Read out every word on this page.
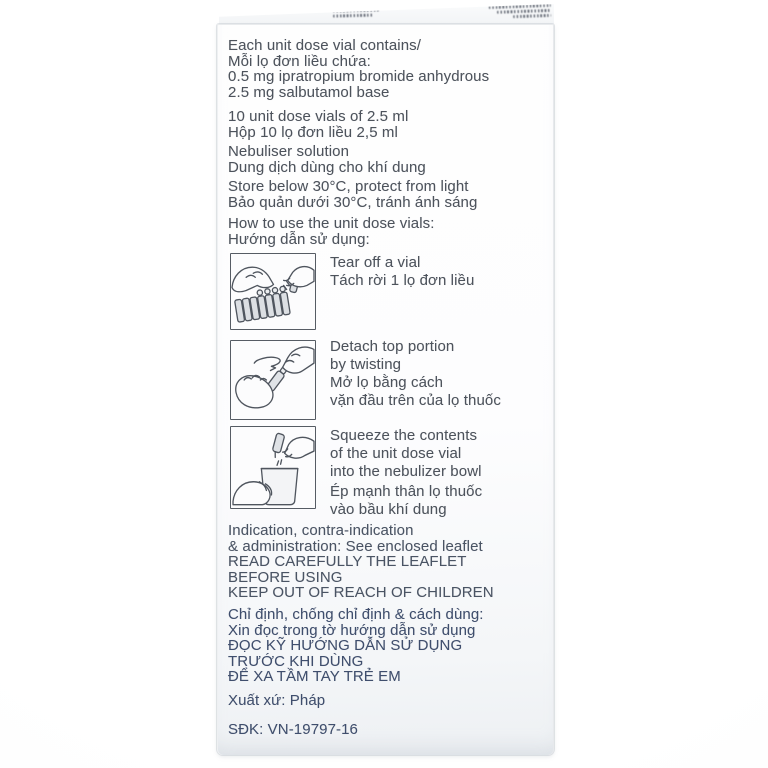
Each unit dose vial contains/
Mỗi lọ đơn liều chứa:
0.5 mg ipratropium bromide anhydrous
2.5 mg salbutamol base
10 unit dose vials of 2.5 ml
Hộp 10 lọ đơn liều 2,5 ml
Nebuliser solution
Dung dịch dùng cho khí dung
Store below 30°C, protect from light
Bảo quản dưới 30°C, tránh ánh sáng
How to use the unit dose vials:
Hướng dẫn sử dụng:
Tear off a vial
Tách rời 1 lọ đơn liều
Detach top portion
by twisting
Mở lọ bằng cách
vặn đầu trên của lọ thuốc
Squeeze the contents
of the unit dose vial
into the nebulizer bowl
Ép mạnh thân lọ thuốc
vào bầu khí dung
Indication, contra-indication
& administration: See enclosed leaflet
READ CAREFULLY THE LEAFLET
BEFORE USING
KEEP OUT OF REACH OF CHILDREN
Chỉ định, chống chỉ định & cách dùng:
Xin đọc trong tờ hướng dẫn sử dụng
ĐỌC KỸ HƯỚNG DẪN SỬ DỤNG
TRƯỚC KHI DÙNG
ĐỂ XA TẦM TAY TRẺ EM
Xuất xứ: Pháp
SĐK: VN-19797-16
